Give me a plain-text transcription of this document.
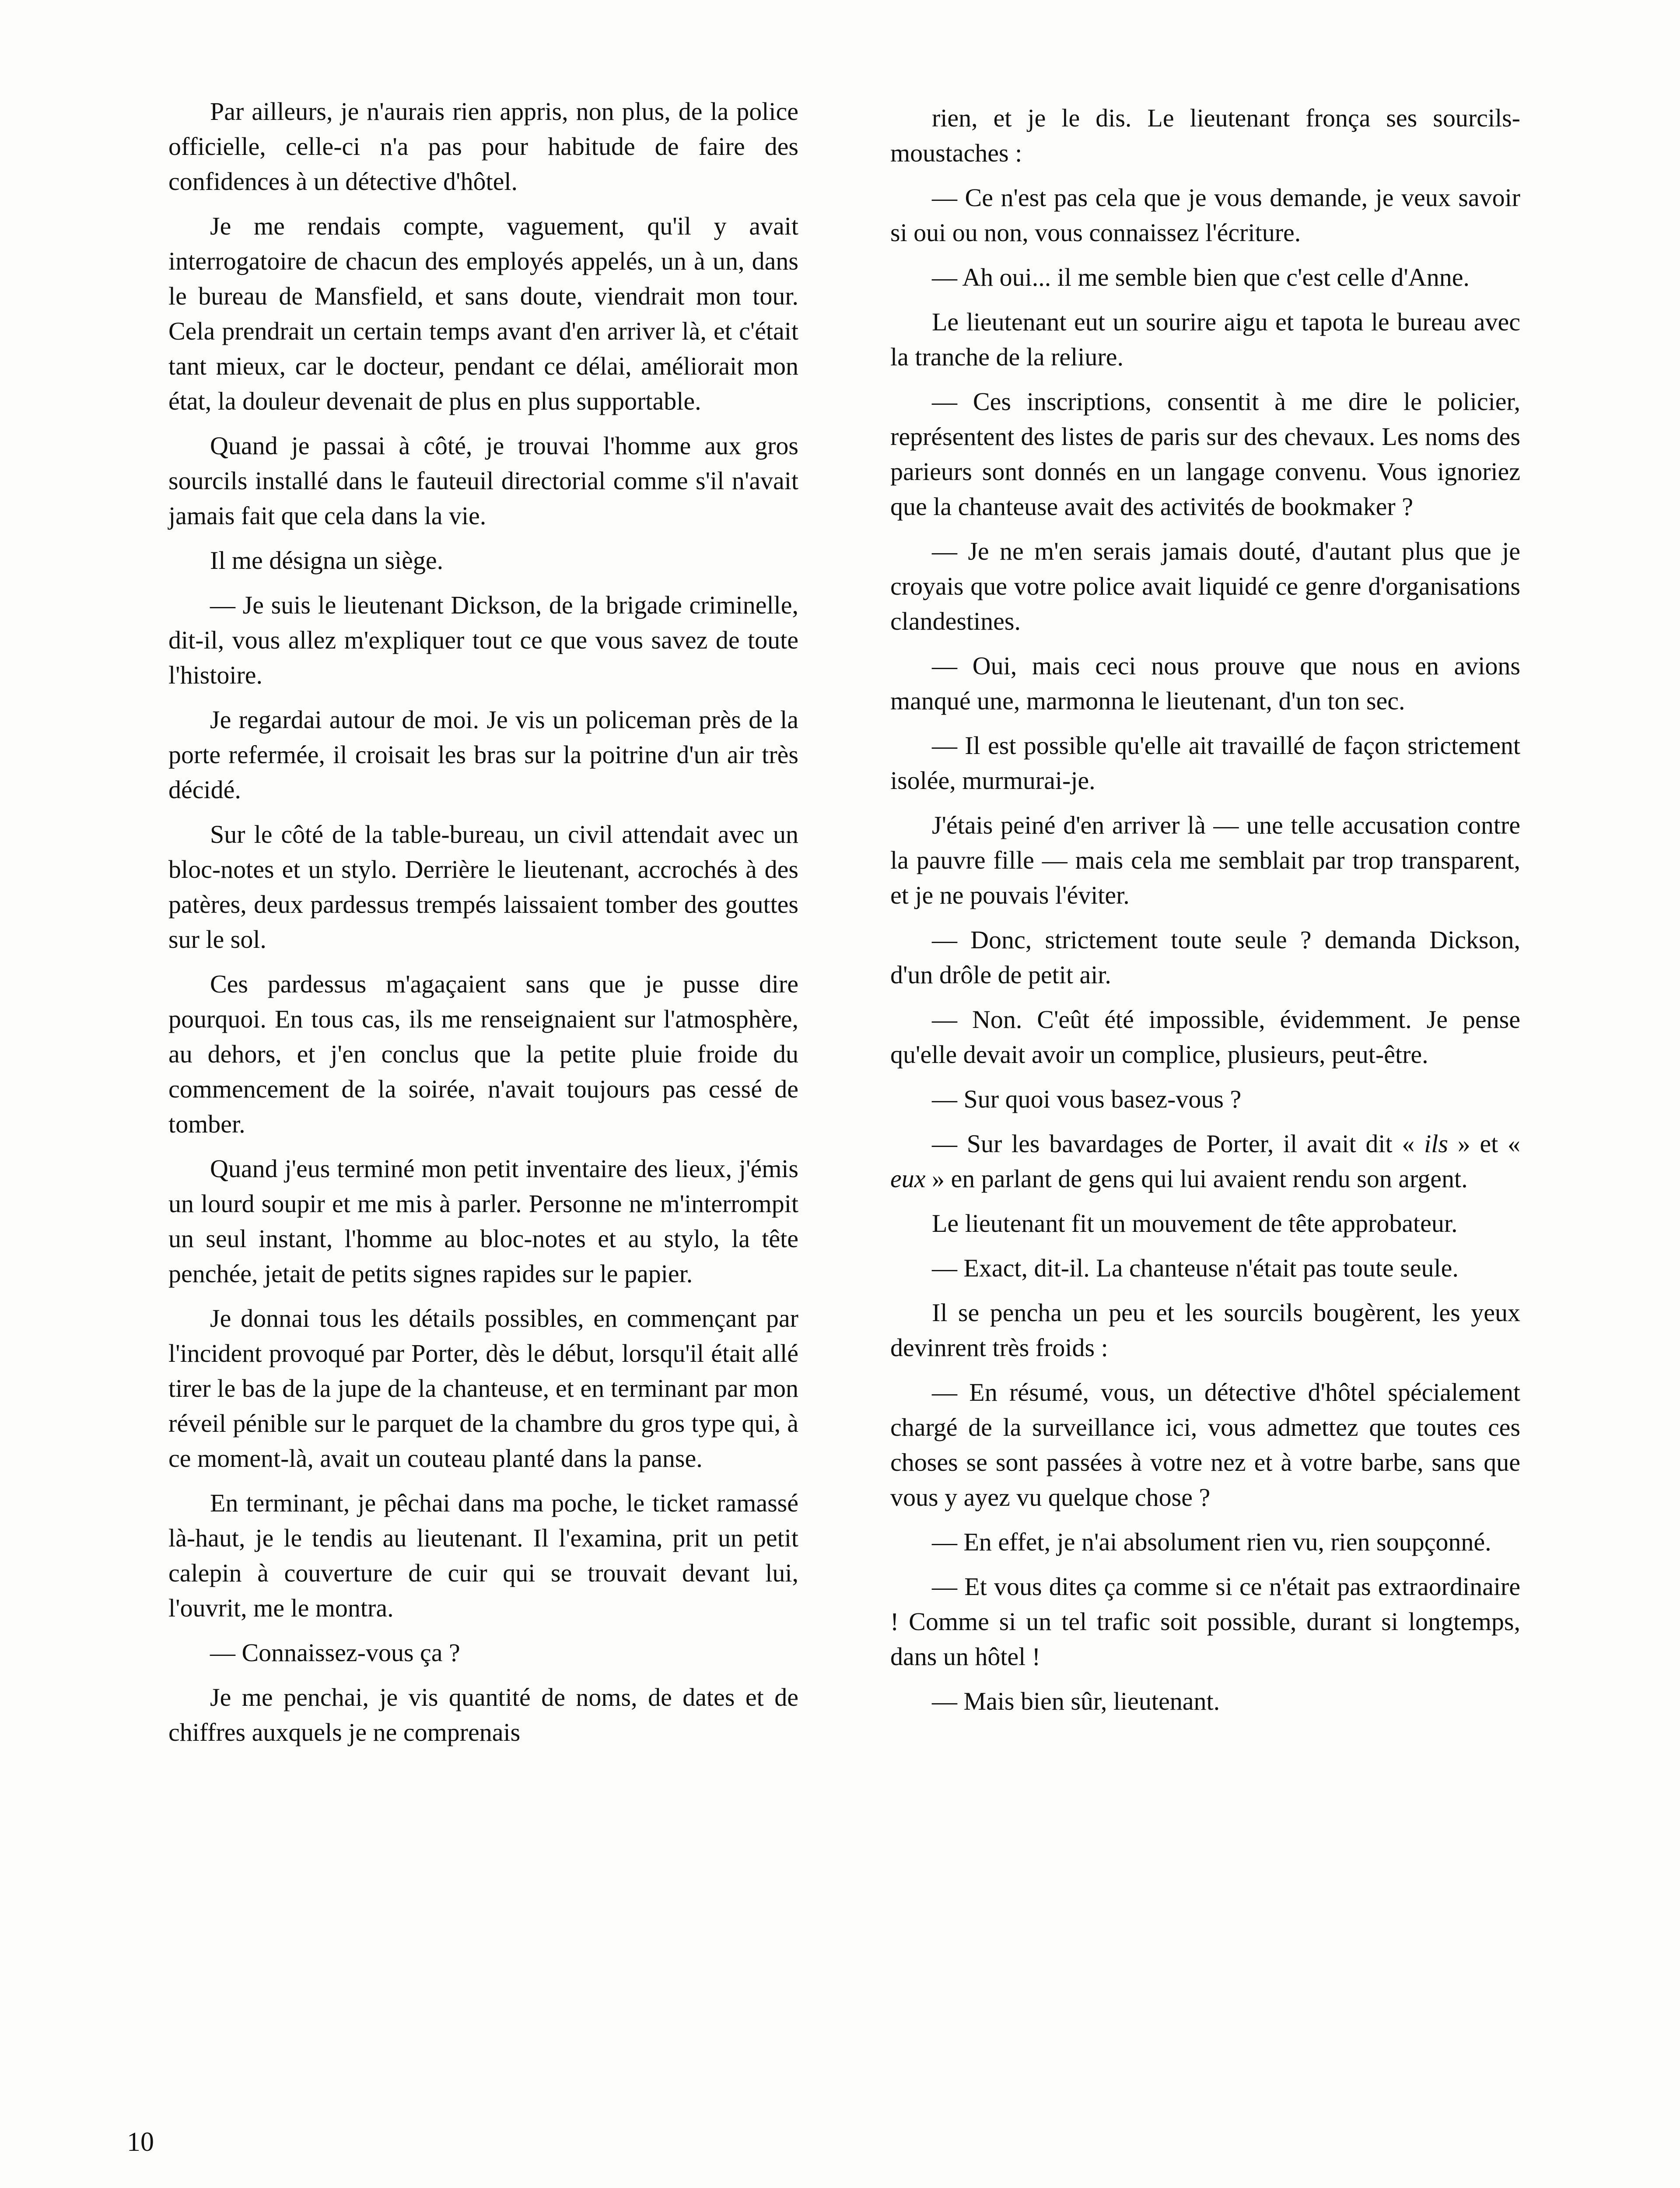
Par ailleurs, je n'aurais rien appris, non plus, de la police officielle, celle-ci n'a pas pour habitude de faire des confidences à un détective d'hôtel.

Je me rendais compte, vaguement, qu'il y avait interrogatoire de chacun des employés appelés, un à un, dans le bureau de Mansfield, et sans doute, viendrait mon tour. Cela prendrait un certain temps avant d'en arriver là, et c'était tant mieux, car le docteur, pendant ce délai, améliorait mon état, la douleur devenait de plus en plus supportable.

Quand je passai à côté, je trouvai l'homme aux gros sourcils installé dans le fauteuil directorial comme s'il n'avait jamais fait que cela dans la vie.

Il me désigna un siège.

— Je suis le lieutenant Dickson, de la brigade criminelle, dit-il, vous allez m'expliquer tout ce que vous savez de toute l'histoire.

Je regardai autour de moi. Je vis un policeman près de la porte refermée, il croisait les bras sur la poitrine d'un air très décidé.

Sur le côté de la table-bureau, un civil attendait avec un bloc-notes et un stylo. Derrière le lieutenant, accrochés à des patères, deux pardessus trempés laissaient tomber des gouttes sur le sol.

Ces pardessus m'agaçaient sans que je pusse dire pourquoi. En tous cas, ils me renseignaient sur l'atmosphère, au dehors, et j'en conclus que la petite pluie froide du commencement de la soirée, n'avait toujours pas cessé de tomber.

Quand j'eus terminé mon petit inventaire des lieux, j'émis un lourd soupir et me mis à parler. Personne ne m'interrompit un seul instant, l'homme au bloc-notes et au stylo, la tête penchée, jetait de petits signes rapides sur le papier.

Je donnai tous les détails possibles, en commençant par l'incident provoqué par Porter, dès le début, lorsqu'il était allé tirer le bas de la jupe de la chanteuse, et en terminant par mon réveil pénible sur le parquet de la chambre du gros type qui, à ce moment-là, avait un couteau planté dans la panse.

En terminant, je pêchai dans ma poche, le ticket ramassé là-haut, je le tendis au lieutenant. Il l'examina, prit un petit calepin à couverture de cuir qui se trouvait devant lui, l'ouvrit, me le montra.

— Connaissez-vous ça ?

Je me penchai, je vis quantité de noms, de dates et de chiffres auxquels je ne comprenais

rien, et je le dis. Le lieutenant fronça ses sourcils-moustaches :

— Ce n'est pas cela que je vous demande, je veux savoir si oui ou non, vous connaissez l'écriture.

— Ah oui... il me semble bien que c'est celle d'Anne.

Le lieutenant eut un sourire aigu et tapota le bureau avec la tranche de la reliure.

— Ces inscriptions, consentit à me dire le policier, représentent des listes de paris sur des chevaux. Les noms des parieurs sont donnés en un langage convenu. Vous ignoriez que la chanteuse avait des activités de bookmaker ?

— Je ne m'en serais jamais douté, d'autant plus que je croyais que votre police avait liquidé ce genre d'organisations clandestines.

— Oui, mais ceci nous prouve que nous en avions manqué une, marmonna le lieutenant, d'un ton sec.

— Il est possible qu'elle ait travaillé de façon strictement isolée, murmurai-je.

J'étais peiné d'en arriver là — une telle accusation contre la pauvre fille — mais cela me semblait par trop transparent, et je ne pouvais l'éviter.

— Donc, strictement toute seule ? demanda Dickson, d'un drôle de petit air.

— Non. C'eût été impossible, évidemment. Je pense qu'elle devait avoir un complice, plusieurs, peut-être.

— Sur quoi vous basez-vous ?

— Sur les bavardages de Porter, il avait dit « ils » et « eux » en parlant de gens qui lui avaient rendu son argent.

Le lieutenant fit un mouvement de tête approbateur.

— Exact, dit-il. La chanteuse n'était pas toute seule.

Il se pencha un peu et les sourcils bougèrent, les yeux devinrent très froids :

— En résumé, vous, un détective d'hôtel spécialement chargé de la surveillance ici, vous admettez que toutes ces choses se sont passées à votre nez et à votre barbe, sans que vous y ayez vu quelque chose ?

— En effet, je n'ai absolument rien vu, rien soupçonné.

— Et vous dites ça comme si ce n'était pas extraordinaire ! Comme si un tel trafic soit possible, durant si longtemps, dans un hôtel !

— Mais bien sûr, lieutenant.

10
